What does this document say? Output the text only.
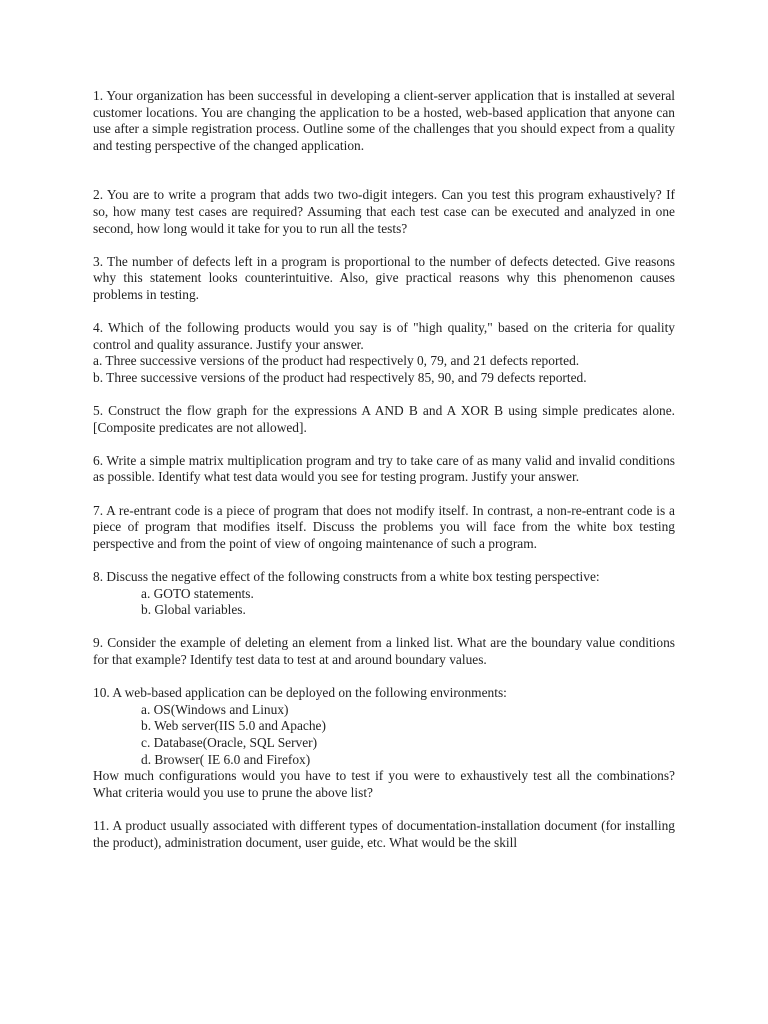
1. Your organization has been successful in developing a client-server application that is installed at several customer locations. You are changing the application to be a hosted, web-based application that anyone can use after a simple registration process. Outline some of the challenges that you should expect from a quality and testing perspective of the changed application.

2. You are to write a program that adds two two-digit integers. Can you test this program exhaustively? If so, how many test cases are required? Assuming that each test case can be executed and analyzed in one second, how long would it take for you to run all the tests?

3. The number of defects left in a program is proportional to the number of defects detected. Give reasons why this statement looks counterintuitive. Also, give practical reasons why this phenomenon causes problems in testing.

4. Which of the following products would you say is of "high quality," based on the criteria for quality control and quality assurance. Justify your answer.

a. Three successive versions of the product had respectively 0, 79, and 21 defects reported.

b. Three successive versions of the product had respectively 85, 90, and 79 defects reported.

5. Construct the flow graph for the expressions A AND B and A XOR B using simple predicates alone. [Composite predicates are not allowed].

6. Write a simple matrix multiplication program and try to take care of as many valid and invalid conditions as possible. Identify what test data would you see for testing program. Justify your answer.

7. A re-entrant code is a piece of program that does not modify itself. In contrast, a non-re-entrant code is a piece of program that modifies itself. Discuss the problems you will face from the white box testing perspective and from the point of view of ongoing maintenance of such a program.

8. Discuss the negative effect of the following constructs from a white box testing perspective:

a. GOTO statements.

b. Global variables.

9. Consider the example of deleting an element from a linked list. What are the boundary value conditions for that example? Identify test data to test at and around boundary values.

10. A web-based application can be deployed on the following environments:

a. OS(Windows and Linux)

b. Web server(IIS 5.0 and Apache)

c. Database(Oracle, SQL Server)

d. Browser( IE 6.0 and Firefox)

How much configurations would you have to test if you were to exhaustively test all the combinations? What criteria would you use to prune the above list?

11. A product usually associated with different types of documentation-installation document (for installing the product), administration document, user guide, etc. What would be the skill
